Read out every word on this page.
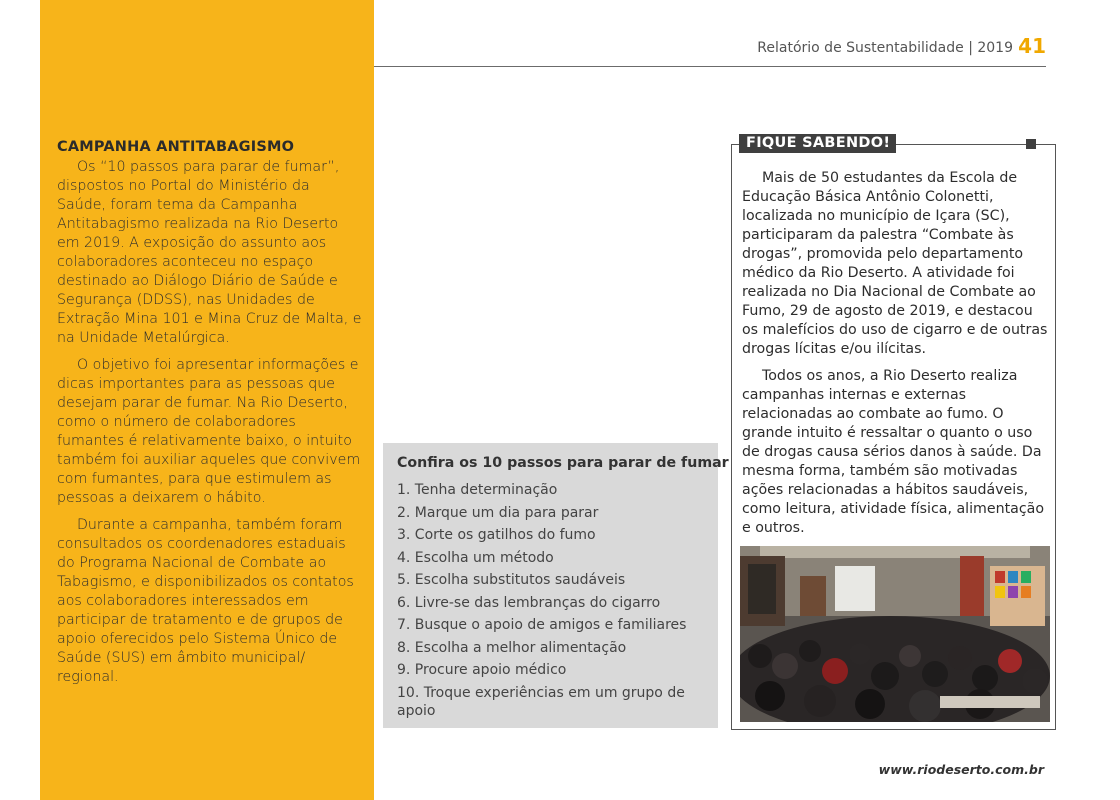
Relatório de Sustentabilidade | 2019 41
CAMPANHA ANTITABAGISMO

Os “10 passos para parar de fumar”, dispostos no Portal do Ministério da Saúde, foram tema da Campanha Antitabagismo realizada na Rio Deserto em 2019. A exposição do assunto aos colaboradores aconteceu no espaço destinado ao Diálogo Diário de Saúde e Segurança (DDSS), nas Unidades de Extração Mina 101 e Mina Cruz de Malta, e na Unidade Metalúrgica.

O objetivo foi apresentar informações e dicas importantes para as pessoas que desejam parar de fumar. Na Rio Deserto, como o número de colaboradores fumantes é relativamente baixo, o intuito também foi auxiliar aqueles que convivem com fumantes, para que estimulem as pessoas a deixarem o hábito.

Durante a campanha, também foram consultados os coordenadores estaduais do Programa Nacional de Combate ao Tabagismo, e disponibilizados os contatos aos colaboradores interessados em participar de tratamento e de grupos de apoio oferecidos pelo Sistema Único de Saúde (SUS) em âmbito municipal/ regional.

Confira os 10 passos para parar de fumar
1. Tenha determinação
2. Marque um dia para parar
3. Corte os gatilhos do fumo
4. Escolha um método
5. Escolha substitutos saudáveis
6. Livre-se das lembranças do cigarro
7. Busque o apoio de amigos e familiares
8. Escolha a melhor alimentação
9. Procure apoio médico
10. Troque experiências em um grupo de apoio
FIQUE SABENDO!

Mais de 50 estudantes da Escola de Educação Básica Antônio Colonetti, localizada no município de Içara (SC), participaram da palestra “Combate às drogas”, promovida pelo departamento médico da Rio Deserto. A atividade foi realizada no Dia Nacional de Combate ao Fumo, 29 de agosto de 2019, e destacou os malefícios do uso de cigarro e de outras drogas lícitas e/ou ilícitas.

Todos os anos, a Rio Deserto realiza campanhas internas e externas relacionadas ao combate ao fumo. O grande intuito é ressaltar o quanto o uso de drogas causa sérios danos à saúde. Da mesma forma, também são motivadas ações relacionadas a hábitos saudáveis, como leitura, atividade física, alimentação e outros.

www.riodeserto.com.br
